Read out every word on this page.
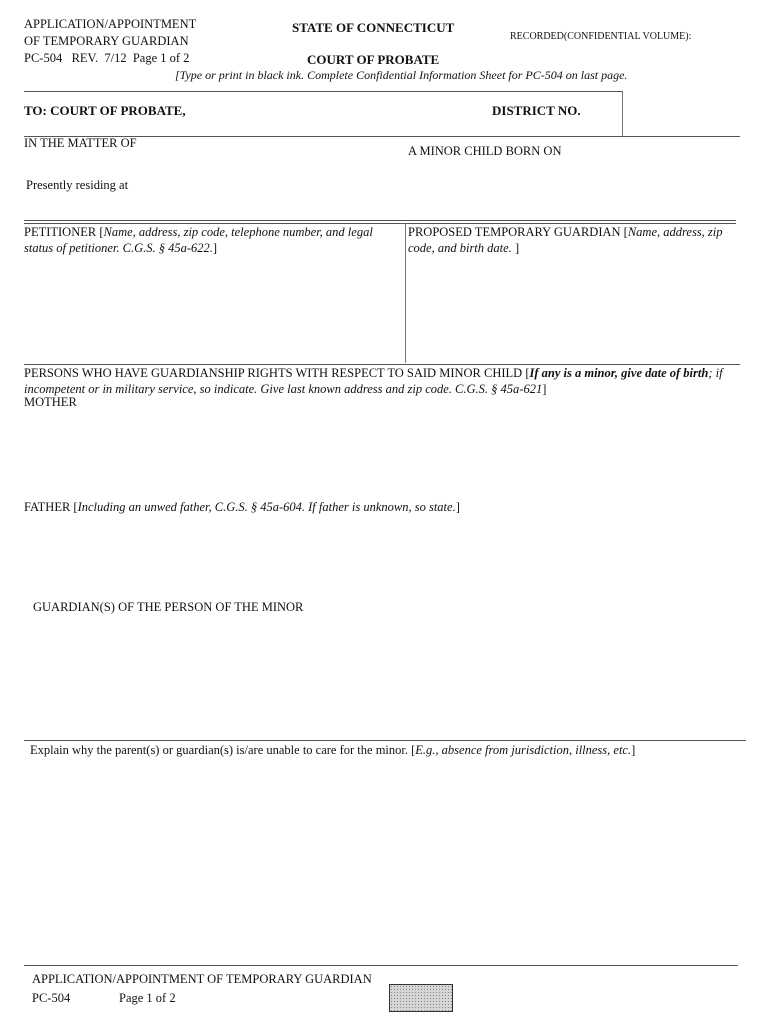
APPLICATION/APPOINTMENT
OF TEMPORARY GUARDIAN
PC-504 REV. 7/12 Page 1 of 2
STATE OF CONNECTICUT
COURT OF PROBATE
RECORDED(CONFIDENTIAL VOLUME):
[Type or print in black ink. Complete Confidential Information Sheet for PC-504 on last page.
TO: COURT OF PROBATE,	DISTRICT NO.
IN THE MATTER OF
A MINOR CHILD BORN ON
Presently residing at
PETITIONER [Name, address, zip code, telephone number, and legal status of petitioner. C.G.S. § 45a-622.]
PROPOSED TEMPORARY GUARDIAN [Name, address, zip code, and birth date. ]
PERSONS WHO HAVE GUARDIANSHIP RIGHTS WITH RESPECT TO SAID MINOR CHILD [If any is a minor, give date of birth; if incompetent or in military service, so indicate. Give last known address and zip code. C.G.S. § 45a-621]
MOTHER
FATHER [Including an unwed father, C.G.S. § 45a-604. If father is unknown, so state.]
GUARDIAN(S) OF THE PERSON OF THE MINOR
Explain why the parent(s) or guardian(s) is/are unable to care for the minor. [E.g., absence from jurisdiction, illness, etc.]
APPLICATION/APPOINTMENT OF TEMPORARY GUARDIAN
PC-504	Page 1 of 2
